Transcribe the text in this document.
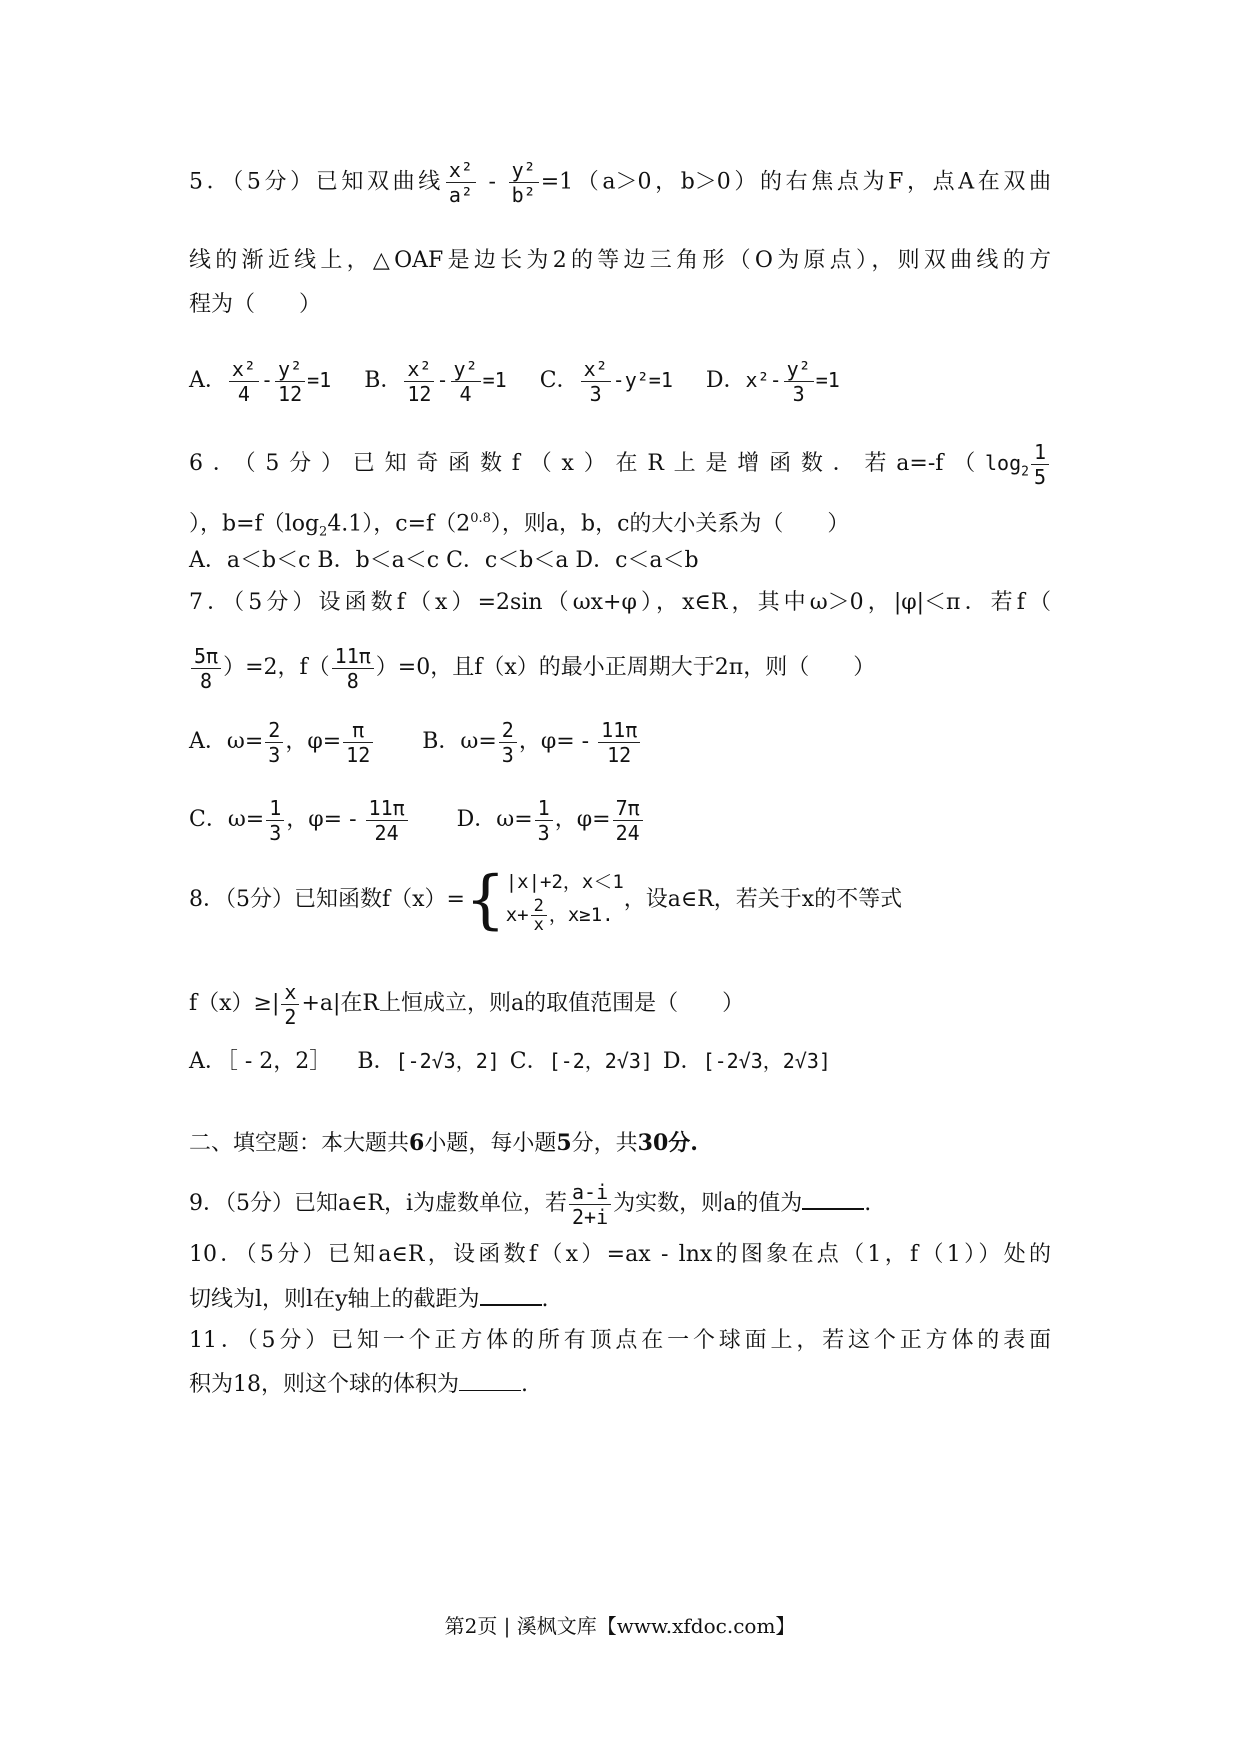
5．（5分）已知双曲线 $\frac{\text{x²}}{\text{a²}} - \frac{\text{y²}}{\text{b²}} =1(a>0$，b＞0）的右焦点为F，点A在双曲
线的渐近线上，△OAF是边长为2的等边三角形（O为原点），则双曲线的方
程为（　　）
A． $\frac{\text{x²}}{4} - \frac{\text{y²}}{12} =1$ B． $\frac{\text{x²}}{12} - \frac{\text{y²}}{4} =1$ C． $\frac{\text{x²}}{3} -y^2=1$ D．$x^2- \frac{\text{y²}}{3} =1$
6．（5分）已知奇函数f（x）在R上是增函数．若$a=-f(\log_2 \frac{1}{5}$
），$b=f(\log_24.1)$，$c=f(2^{0.8})$，则a，b，c的大小关系为（　　）
A．a＜b＜c B．b＜a＜c C．c＜b＜a D．c＜a＜b
7．（5分）设函数f（x）=2sin（ωx+φ），x∈R，其中ω＞0，|φ|＜π．若f（
$\frac{5\pi}{8} )=2$，$f( \frac{11\pi}{8} )=0$，且f（x）的最小正周期大于2π，则（　　）
A．$\omega= \frac{2}{3}$ ，$\varphi= \frac{\pi}{12}$ B．$\omega= \frac{2}{3}$ ，$\varphi= - \frac{11\pi}{12}$
C．$\omega= \frac{1}{3}$ ，$\varphi= - \frac{11\pi}{24}$ D．$\omega= \frac{1}{3}$ ，$\varphi= \frac{7\pi}{24}$
8．（5分）已知函数f（x）={ |x|+2，x＜1
$x+ \frac{2}{x}$ ，x≥1.
，设a∈R，若关于x的不等式
$f(x)\ge| \frac{x}{2} +a|$在R上恒成立，则a的取值范围是（　　）
A．［ - 2，2］ B．[-2√3，2] C．[-2，2√3] D．[-2√3，2√3]
二、填空题：本大题共6小题，每小题5分，共30分.
9．（5分）已知a∈R，i为虚数单位，若 $\frac{a-i}{2+i}$ 为实数，则a的值为	.
10．（5分）已知a∈R，设函数f（x）=ax - lnx的图象在点（1，f（1））处的
切线为l，则l在y轴上的截距为	.
11．（5分）已知一个正方体的所有顶点在一个球面上，若这个正方体的表面
积为18，则这个球的体积为	.
第2页 | 溪枫文库【www.xfdoc.com】
